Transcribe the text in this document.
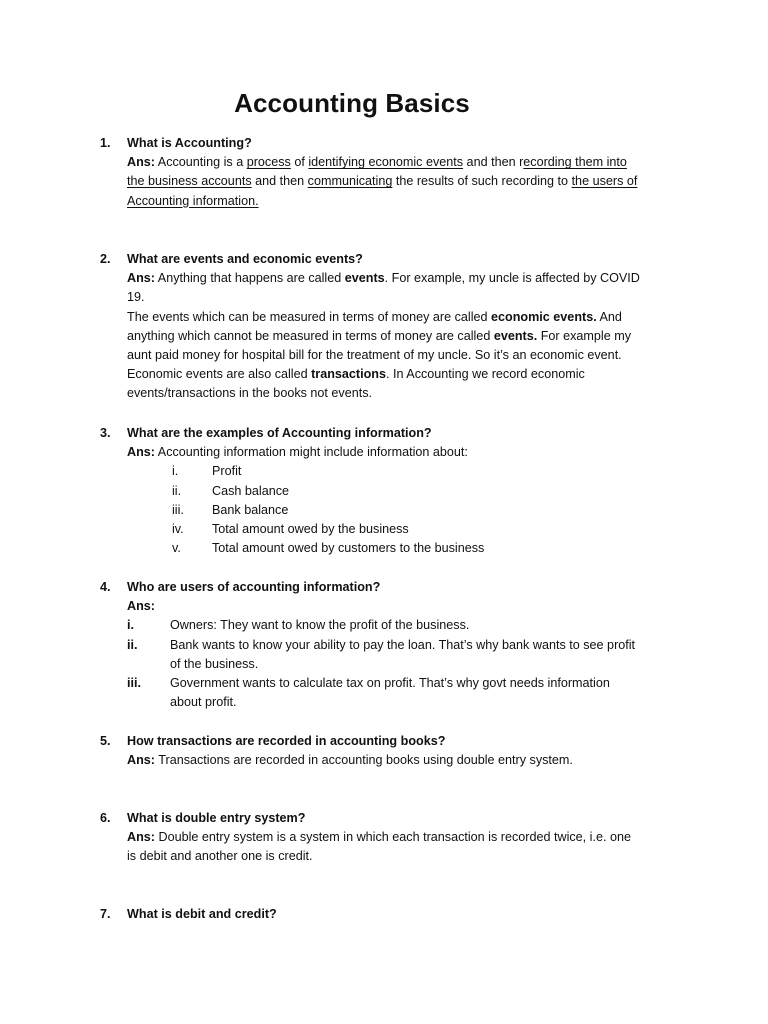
Accounting Basics
1.	What is Accounting?
Ans: Accounting is a process of identifying economic events and then recording them into the business accounts and then communicating the results of such recording to the users of Accounting information.
2.	What are events and economic events?
Ans: Anything that happens are called events. For example, my uncle is affected by COVID 19.
The events which can be measured in terms of money are called economic events. And anything which cannot be measured in terms of money are called events. For example my aunt paid money for hospital bill for the treatment of my uncle. So it’s an economic event. Economic events are also called transactions. In Accounting we record economic events/transactions in the books not events.
3.	What are the examples of Accounting information?
Ans: Accounting information might include information about:
i.	Profit
ii. Cash balance
iii. Bank balance
iv. Total amount owed by the business
v. Total amount owed by customers to the business
4.	Who are users of accounting information?
Ans:
i.	Owners: They want to know the profit of the business.
ii.	Bank wants to know your ability to pay the loan. That’s why bank wants to see profit of the business.
iii. Government wants to calculate tax on profit. That’s why govt needs information about profit.
5.	How transactions are recorded in accounting books?
Ans: Transactions are recorded in accounting books using double entry system.
6.	What is double entry system?
Ans: Double entry system is a system in which each transaction is recorded twice, i.e. one is debit and another one is credit.
7.	What is debit and credit?
